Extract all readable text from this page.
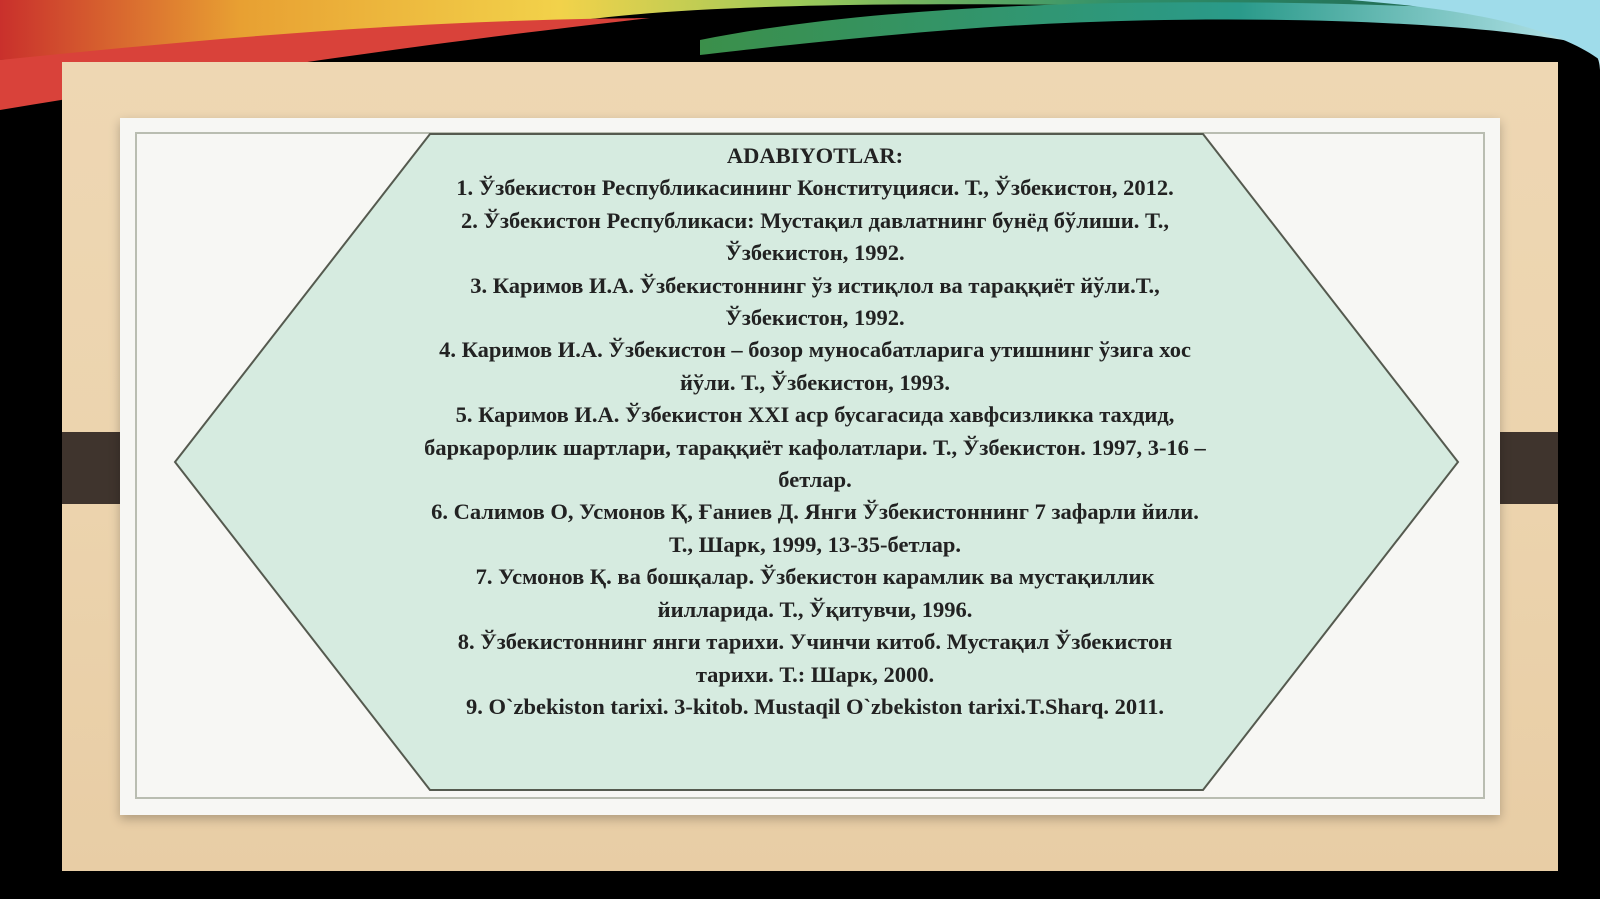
ADABIYOTLAR:
1. Ўзбекистон Республикасининг Конституцияси. Т., Ўзбекистон, 2012.
2. Ўзбекистон Республикаси: Мустақил давлатнинг бунёд бўлиши. Т., Ўзбекистон, 1992.
3. Каримов И.А. Ўзбекистоннинг ўз истиқлол ва тараққиёт йўли.Т., Ўзбекистон, 1992.
4. Каримов И.А. Ўзбекистон – бозор муносабатларига утишнинг ўзига хос йўли. Т., Ўзбекистон, 1993.
5. Каримов И.А. Ўзбекистон XXI аср бусагасида хавфсизликка тахдид, баркарорлик шартлари, тараққиёт кафолатлари. Т., Ўзбекистон. 1997, 3-16 – бетлар.
6. Салимов О, Усмонов Қ, Ғаниев Д. Янги Ўзбекистоннинг 7 зафарли йили. Т., Шарк, 1999, 13-35-бетлар.
7. Усмонов Қ. ва бошқалар. Ўзбекистон карамлик ва мустақиллик йилларида. Т., Ўқитувчи, 1996.
8. Ўзбекистоннинг янги тарихи. Учинчи китоб. Мустақил Ўзбекистон тарихи. Т.: Шарк, 2000.
9. O`zbekiston tarixi. 3-kitob. Mustaqil O`zbekiston tarixi.T.Sharq. 2011.
